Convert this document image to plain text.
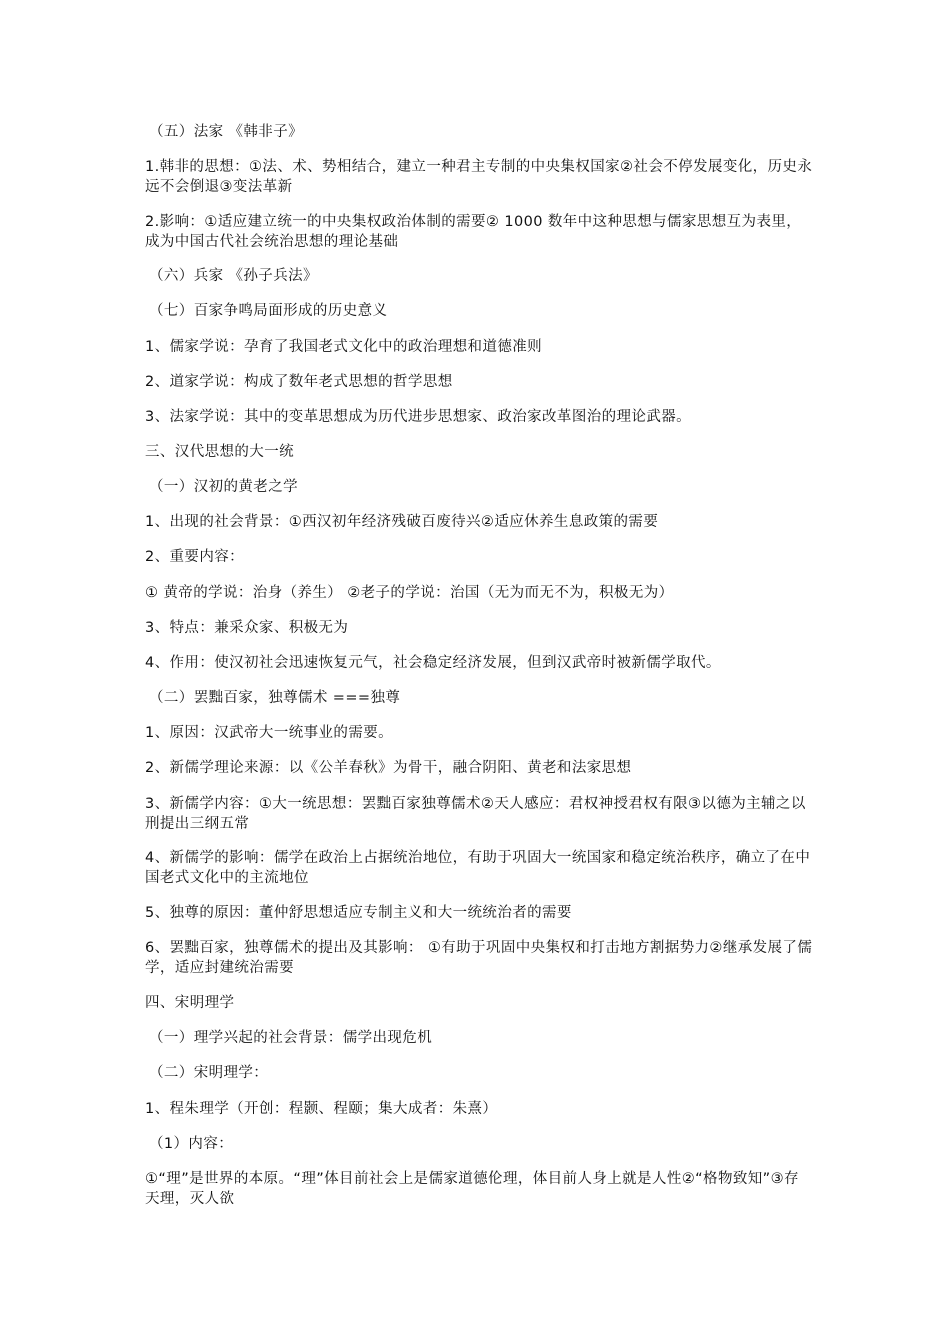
（五）法家 《韩非子》

1.韩非的思想：①法、术、势相结合，建立一种君主专制的中央集权国家②社会不停发展变化，历史永远不会倒退③变法革新

2.影响：①适应建立统一的中央集权政治体制的需要② 1000 数年中这种思想与儒家思想互为表里，成为中国古代社会统治思想的理论基础

（六）兵家 《孙子兵法》

（七）百家争鸣局面形成的历史意义

1、儒家学说：孕育了我国老式文化中的政治理想和道德准则

2、道家学说：构成了数年老式思想的哲学思想

3、法家学说：其中的变革思想成为历代进步思想家、政治家改革图治的理论武器。

三、汉代思想的大一统

（一）汉初的黄老之学

1、出现的社会背景：①西汉初年经济残破百废待兴②适应休养生息政策的需要

2、重要内容：

① 黄帝的学说：治身（养生） ②老子的学说：治国（无为而无不为，积极无为）

3、特点：兼采众家、积极无为

4、作用：使汉初社会迅速恢复元气，社会稳定经济发展，但到汉武帝时被新儒学取代。

（二）罢黜百家，独尊儒术 ===独尊

1、原因：汉武帝大一统事业的需要。

2、新儒学理论来源：以《公羊春秋》为骨干，融合阴阳、黄老和法家思想

3、新儒学内容：①大一统思想：罢黜百家独尊儒术②天人感应：君权神授君权有限③以德为主辅之以刑提出三纲五常

4、新儒学的影响：儒学在政治上占据统治地位，有助于巩固大一统国家和稳定统治秩序，确立了在中国老式文化中的主流地位

5、独尊的原因：董仲舒思想适应专制主义和大一统统治者的需要

6、罢黜百家，独尊儒术的提出及其影响： ①有助于巩固中央集权和打击地方割据势力②继承发展了儒学，适应封建统治需要

四、宋明理学

（一）理学兴起的社会背景：儒学出现危机

（二）宋明理学：

1、程朱理学（开创：程颢、程颐；集大成者：朱熹）

（1）内容：

①“理”是世界的本原。“理”体目前社会上是儒家道德伦理，体目前人身上就是人性②“格物致知”③存天理，灭人欲
